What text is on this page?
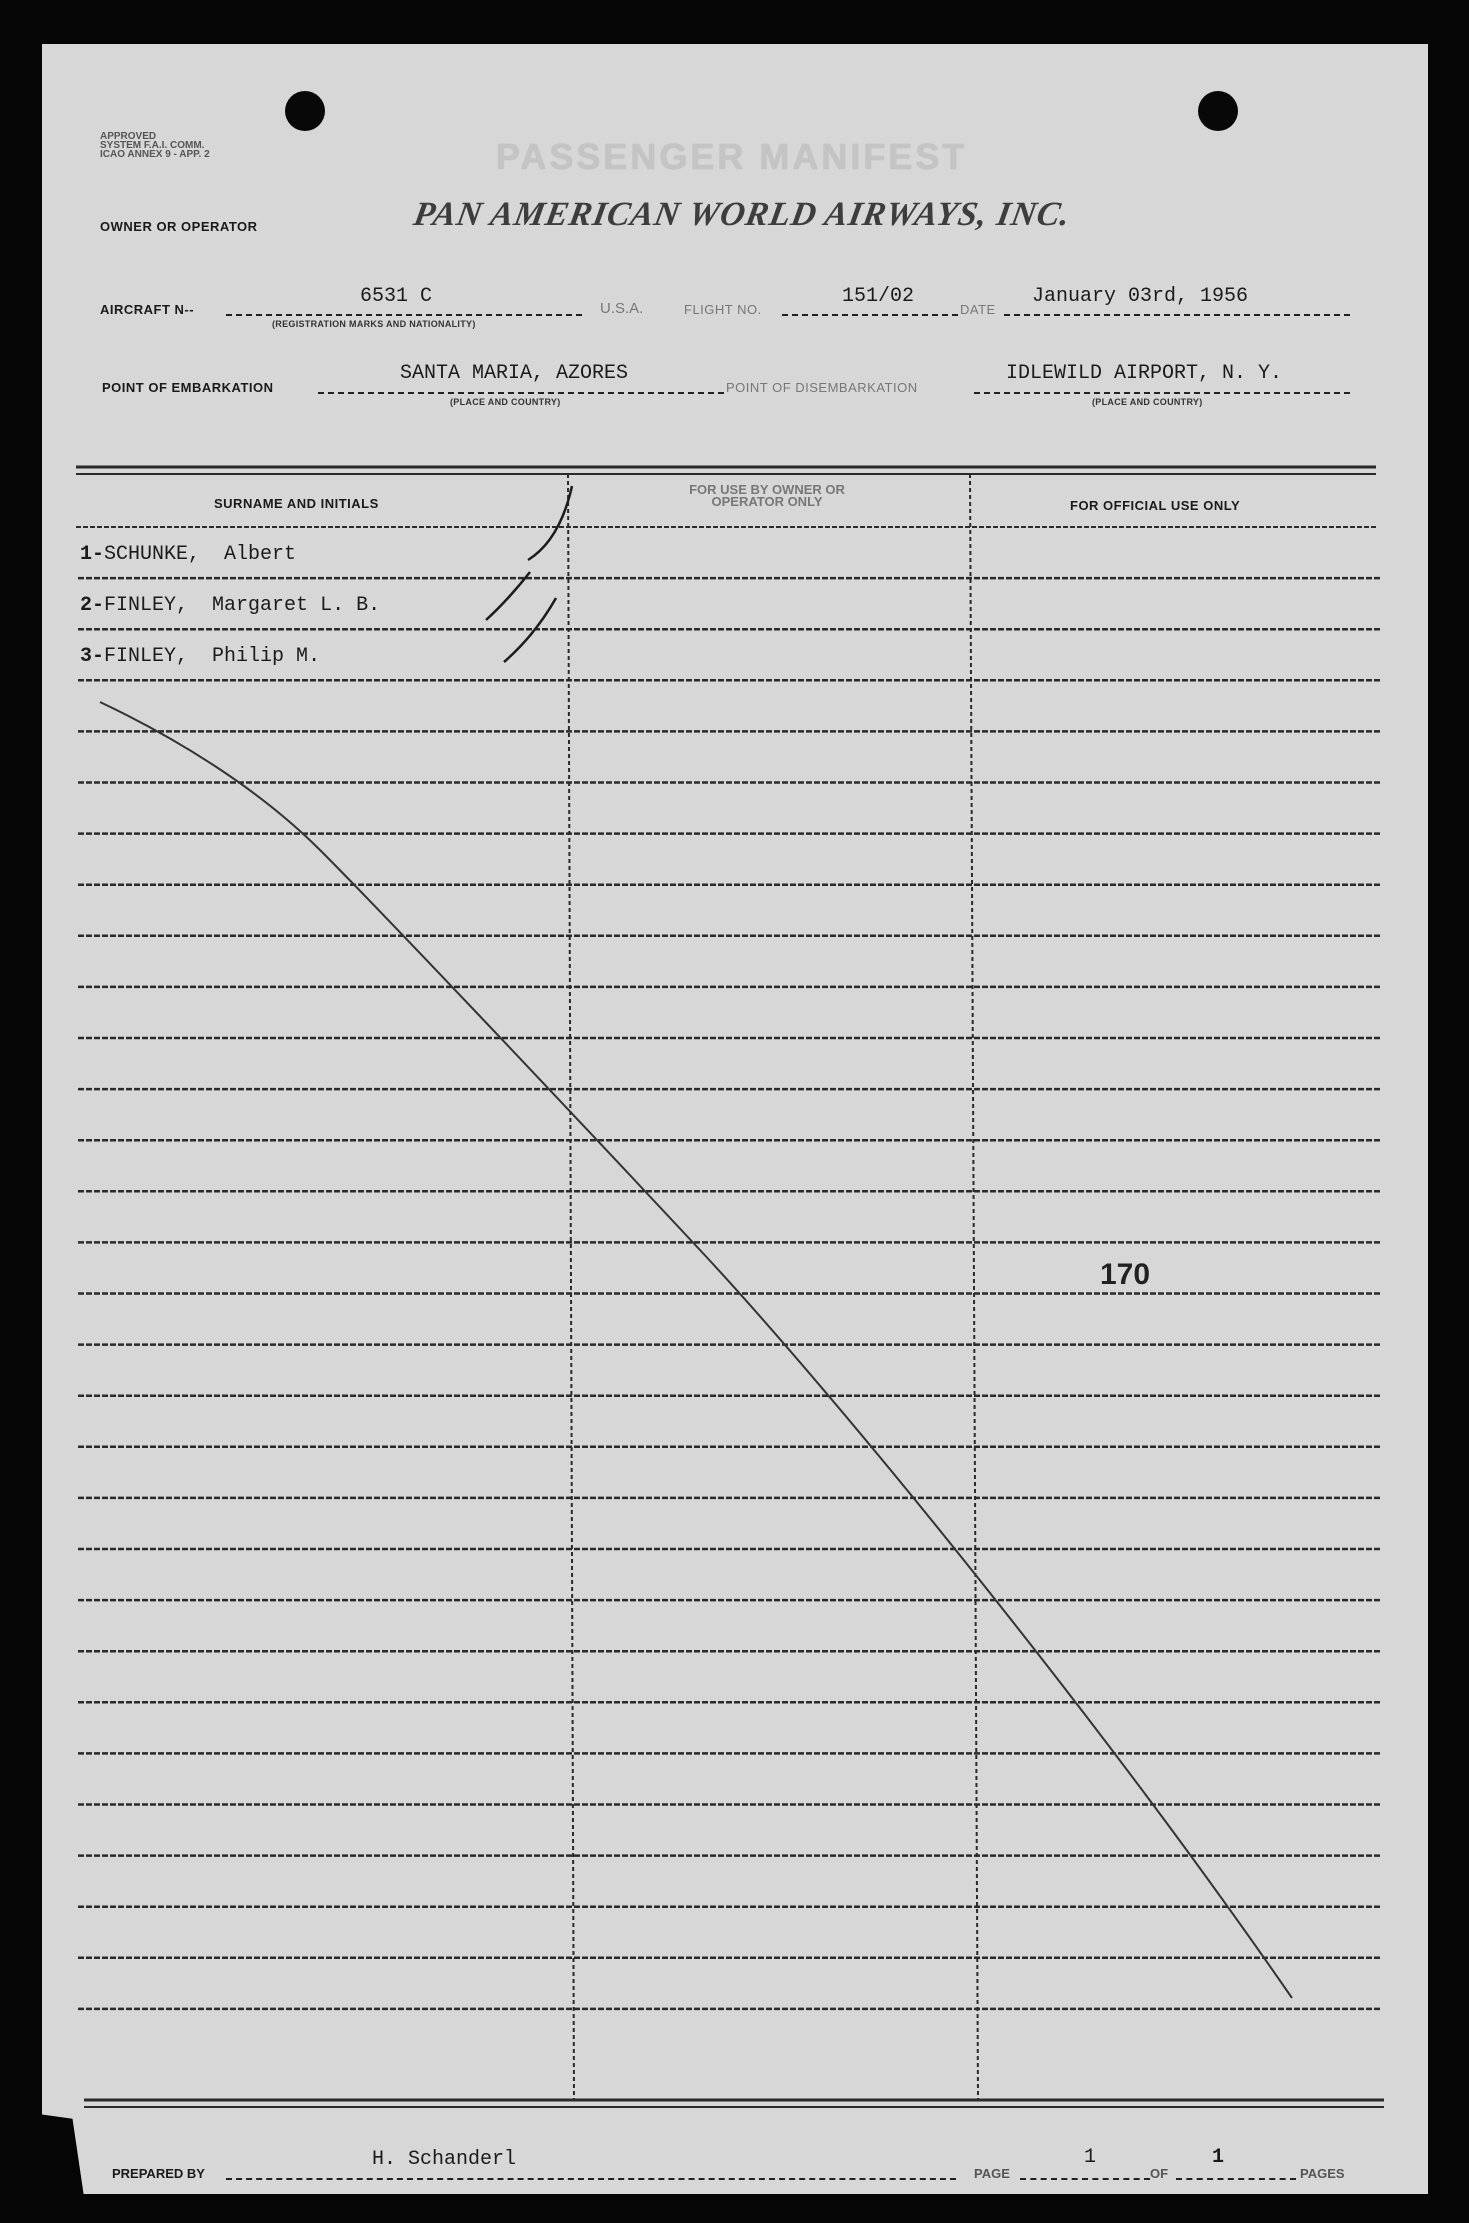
APPROVED
SYSTEM F.A.I. COMM.
ICAO ANNEX 9 - APP. 2	PASSENGER MANIFEST
OWNER OR OPERATOR	PAN AMERICAN WORLD AIRWAYS, INC.
AIRCRAFT N--
6531 C
(REGISTRATION MARKS AND NATIONALITY)
U.S.A.	FLIGHT NO.
151/02
DATE
January 03rd, 1956
POINT OF EMBARKATION
SANTA MARIA, AZORES
(PLACE AND COUNTRY)
POINT OF DISEMBARKATION
IDLEWILD AIRPORT, N. Y.
(PLACE AND COUNTRY)
SURNAME AND INITIALS
FOR USE BY OWNER OR OPERATOR ONLY	FOR OFFICIAL USE ONLY
1-SCHUNKE, Albert
2-FINLEY, Margaret L. B.
3-FINLEY, Philip M.
170
PREPARED BY
H. Schanderl
PAGE
1
OF
1
PAGES
